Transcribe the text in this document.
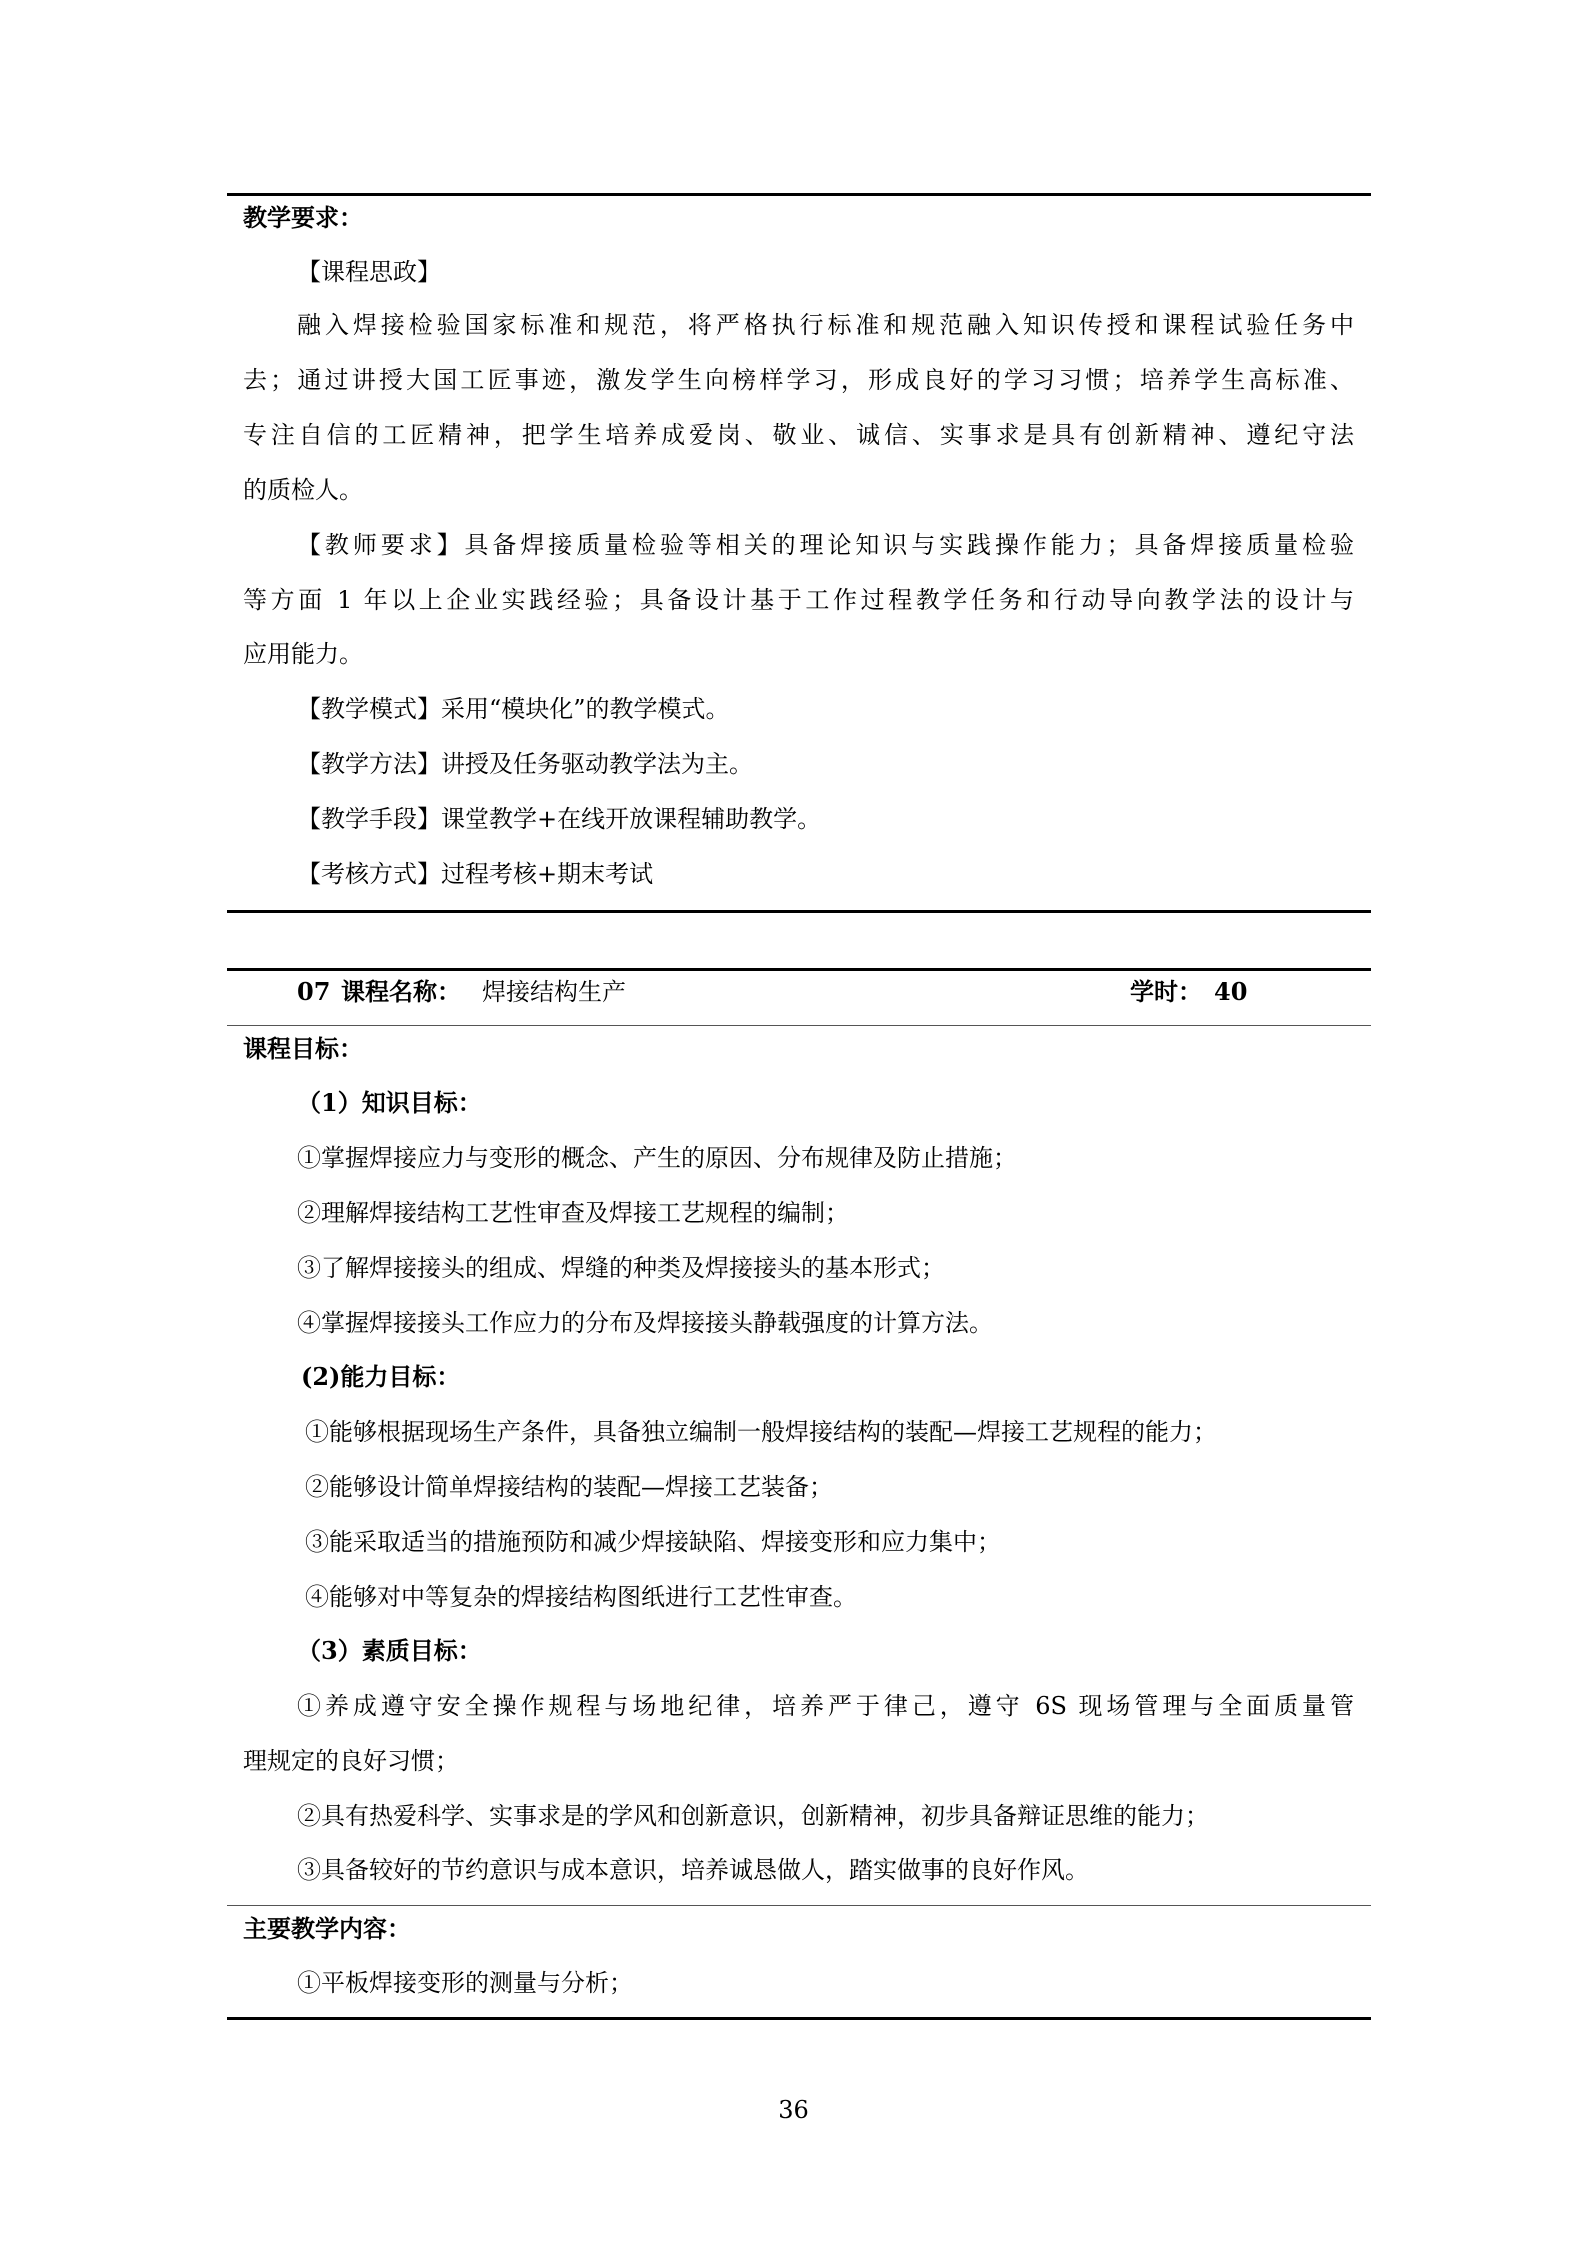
教学要求：
【课程思政】
融入焊接检验国家标准和规范，将严格执行标准和规范融入知识传授和课程试验任务中
去；通过讲授大国工匠事迹，激发学生向榜样学习，形成良好的学习习惯；培养学生高标准、
专注自信的工匠精神，把学生培养成爱岗、敬业、诚信、实事求是具有创新精神、遵纪守法
的质检人。
【教师要求】具备焊接质量检验等相关的理论知识与实践操作能力；具备焊接质量检验
等方面 1 年以上企业实践经验；具备设计基于工作过程教学任务和行动导向教学法的设计与
应用能力。
【教学模式】采用“模块化”的教学模式。
【教学方法】讲授及任务驱动教学法为主。
【教学手段】课堂教学+在线开放课程辅助教学。
【考核方式】过程考核+期末考试
07 课程名称： 焊接结构生产	学时： 40
课程目标：
（1）知识目标：
①掌握焊接应力与变形的概念、产生的原因、分布规律及防止措施；
②理解焊接结构工艺性审查及焊接工艺规程的编制；
③了解焊接接头的组成、焊缝的种类及焊接接头的基本形式；
④掌握焊接接头工作应力的分布及焊接接头静载强度的计算方法。
(2)能力目标：
①能够根据现场生产条件，具备独立编制一般焊接结构的装配—焊接工艺规程的能力；
②能够设计简单焊接结构的装配—焊接工艺装备；
③能采取适当的措施预防和减少焊接缺陷、焊接变形和应力集中；
④能够对中等复杂的焊接结构图纸进行工艺性审查。
（3）素质目标：
①养成遵守安全操作规程与场地纪律，培养严于律己，遵守 6S 现场管理与全面质量管
理规定的良好习惯；
②具有热爱科学、实事求是的学风和创新意识，创新精神，初步具备辩证思维的能力；
③具备较好的节约意识与成本意识，培养诚恳做人，踏实做事的良好作风。
主要教学内容：
①平板焊接变形的测量与分析；
36
